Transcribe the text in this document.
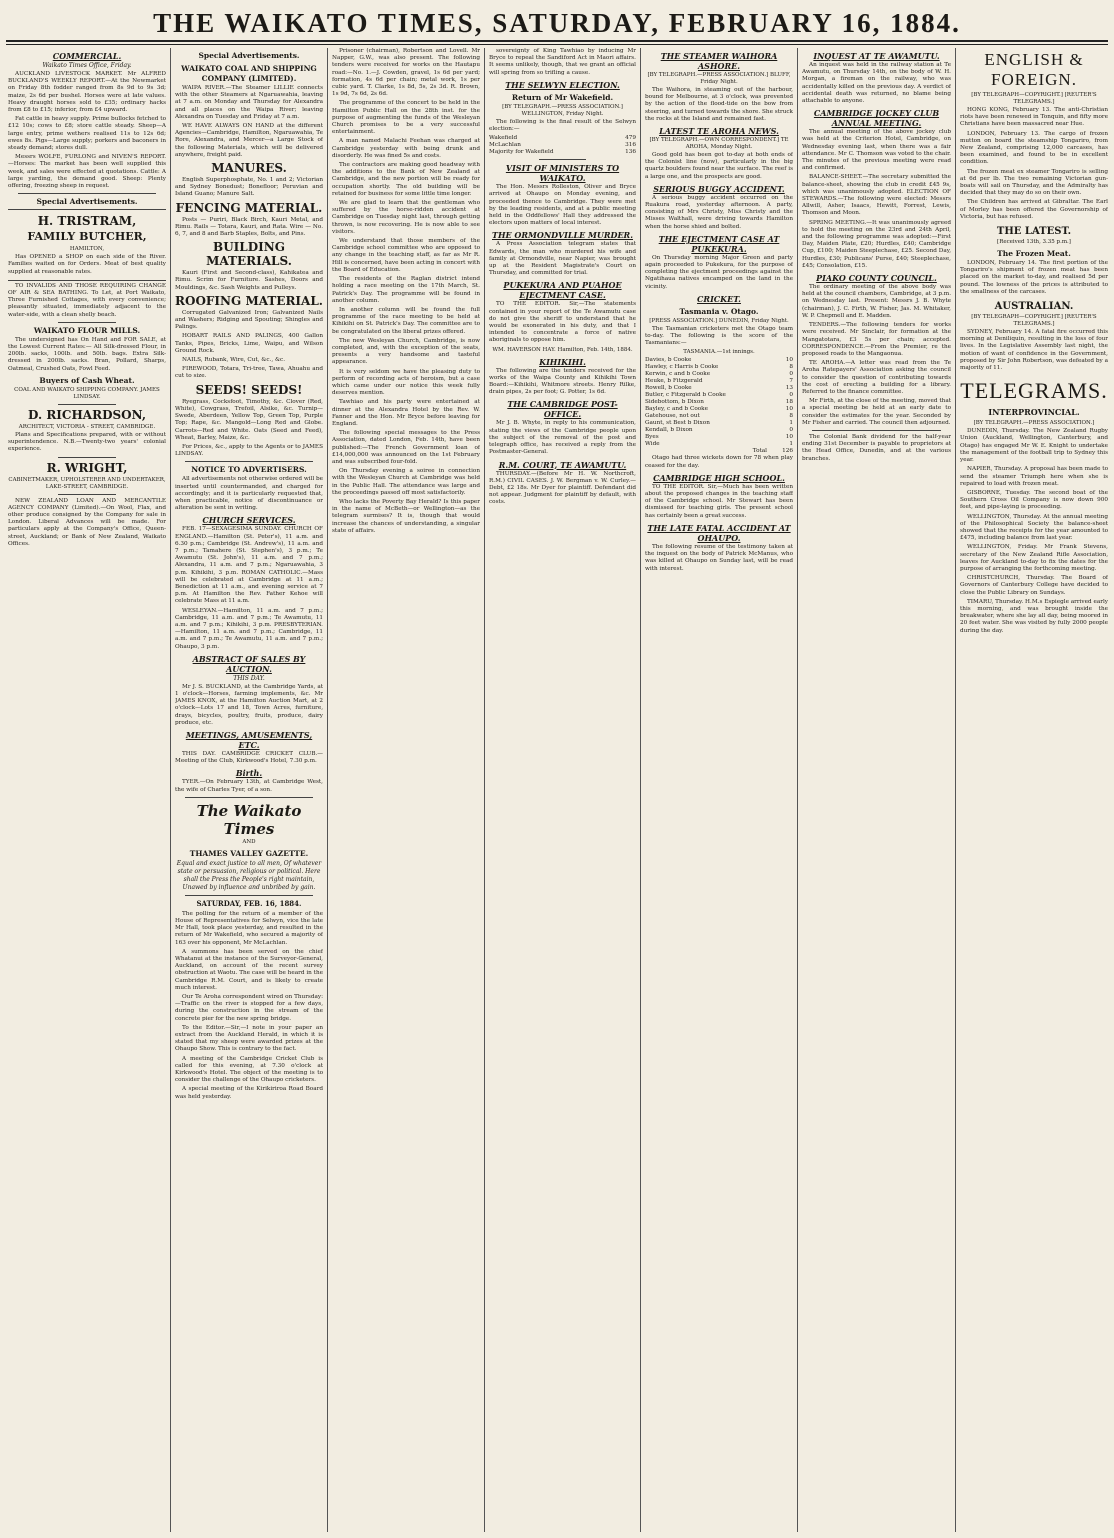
THE WAIKATO TIMES, SATURDAY, FEBRUARY 16, 1884.
COMMERCIAL.
Waikato Times Office, Friday.

AUCKLAND LIVESTOCK MARKET. Mr ALFRED BUCKLAND'S WEEKLY REPORT.—At the Newmarket on Friday 8th fodder ranged from 8s 9d to 9s 3d; maize, 2s 6d per bushel. Horses were at late values. Heavy draught horses sold to £35; ordinary hacks from £8 to £15; inferior, from £4 upward.

Fat cattle in heavy supply. Prime bullocks fetched to £12 10s; cows to £8; store cattle steady. Sheep—A large entry, prime wethers realised 11s to 12s 6d; ewes 8s. Pigs—Large supply; porkers and baconers in steady demand; stores dull.

Messrs WOLFE, FURLONG and NIVEN'S REPORT.—Horses: The market has been well supplied this week, and sales were effected at quotations. Cattle: A large yarding, the demand good. Sheep: Plenty offering, freezing sheep in request.

Special Advertisements.
H. TRISTRAM,
FAMILY BUTCHER,
HAMILTON,

Has OPENED a SHOP on each side of the River. Families waited on for Orders. Meat of best quality supplied at reasonable rates.

TO INVALIDS AND THOSE REQUIRING CHANGE OF AIR & SEA BATHING. To Let, at Port Waikato, Three Furnished Cottages, with every convenience; pleasantly situated, immediately adjacent to the water-side, with a clean shelly beach.

WAIKATO FLOUR MILLS.

The undersigned has On Hand and FOR SALE, at the Lowest Current Rates:— All Silk-dressed Flour, in 200lb. sacks, 100lb. and 50lb. bags. Extra Silk-dressed in 200lb. sacks. Bran, Pollard, Sharps, Oatmeal, Crushed Oats, Fowl Feed.

Buyers of Cash Wheat.
COAL AND WAIKATO SHIPPING COMPANY. JAMES LINDSAY.
D. RICHARDSON,
ARCHITECT, VICTORIA - STREET, CAMBRIDGE.

Plans and Specifications prepared, with or without superintendence. N.B.—Twenty-two years' colonial experience.

R. WRIGHT,
CABINETMAKER, UPHOLSTERER AND UNDERTAKER, LAKE-STREET, CAMBRIDGE.

NEW ZEALAND LOAN AND MERCANTILE AGENCY COMPANY (Limited).—On Wool, Flax, and other produce consigned by the Company for sale in London. Liberal Advances will be made. For particulars apply at the Company's Office, Queen-street, Auckland; or Bank of New Zealand, Waikato Offices.

Special Advertisements.
WAIKATO COAL AND SHIPPING COMPANY (LIMITED).

WAIPA RIVER.—The Steamer LILLIE connects with the other Steamers at Ngaruawahia, leaving at 7 a.m. on Monday and Thursday for Alexandra and all places on the Waipa River; leaving Alexandra on Tuesday and Friday at 7 a.m.

WE HAVE ALWAYS ON HAND at the different Agencies—Cambridge, Hamilton, Ngaruawahia, Te Rore, Alexandra, and Mercer—a Large Stock of the following Materials, which will be delivered anywhere, freight paid.

MANURES.

English Superphosphate, No. 1 and 2; Victorian and Sydney Bonedust; Bonefloor; Peruvian and Island Guano; Manure Salt.

FENCING MATERIAL.

Posts — Puriri, Black Birch, Kauri Metal, and Rimu. Rails — Totara, Kauri, and Rata. Wire — No. 6, 7, and 8 and Barb Staples, Bolts, and Pins.

BUILDING MATERIALS.

Kauri (First and Second-class), Kahikatea and Rimu. Scrim for Furniture. Sashes, Doors and Mouldings, &c. Sash Weights and Pulleys.

ROOFING MATERIAL.

Corrugated Galvanized Iron; Galvanized Nails and Washers; Ridging and Spouting; Shingles and Palings.

HOBART RAILS AND PALINGS, 400 Gallon Tanks, Pipes, Bricks, Lime, Waipu, and Wilson Ground Rock.

NAILS, Rubank, Wire, Cut, &c., &c.

FIREWOOD, Totara, Tri-tree, Tawa, Ahuahu and cut to size.

SEEDS! SEEDS!

Ryegrass, Cocksfoot, Timothy, &c. Clover (Red, White), Cowgrass, Trefoil, Alsike, &c. Turnip—Swede, Aberdeen, Yellow Top, Green Top, Purple Top; Rape, &c. Mangold—Long Red and Globe. Carrots—Red and White. Oats (Seed and Feed), Wheat, Barley, Maize, &c.

For Prices, &c., apply to the Agents or to JAMES LINDSAY.

NOTICE TO ADVERTISERS.

All advertisements not otherwise ordered will be inserted until countermanded, and charged for accordingly; and it is particularly requested that, when practicable, notice of discontinuance or alteration be sent in writing.

CHURCH SERVICES.

FEB. 17—SEXAGESIMA SUNDAY. CHURCH OF ENGLAND.—Hamilton (St. Peter's), 11 a.m. and 6.30 p.m.; Cambridge (St. Andrew's), 11 a.m. and 7 p.m.; Tamahere (St. Stephen's), 3 p.m.; Te Awamutu (St. John's), 11 a.m. and 7 p.m.; Alexandra, 11 a.m. and 7 p.m.; Ngaruawahia, 3 p.m. Kihikihi, 3 p.m. ROMAN CATHOLIC.—Mass will be celebrated at Cambridge at 11 a.m.; Benediction at 11 a.m., and evening service at 7 p.m. At Hamilton the Rev. Father Kehoe will celebrate Mass at 11 a.m.

WESLEYAN.—Hamilton, 11 a.m. and 7 p.m.; Cambridge, 11 a.m. and 7 p.m.; Te Awamutu, 11 a.m. and 7 p.m.; Kihikihi, 3 p.m. PRESBYTERIAN.—Hamilton, 11 a.m. and 7 p.m.; Cambridge, 11 a.m. and 7 p.m.; Te Awamutu, 11 a.m. and 7 p.m.; Ohaupo, 3 p.m.

ABSTRACT OF SALES BY AUCTION.
THIS DAY.

Mr J. S. BUCKLAND, at the Cambridge Yards, at 1 o'clock—Horses, farming implements, &c. Mr JAMES KNOX, at the Hamilton Auction Mart, at 2 o'clock—Lots 17 and 18, Town Acres, furniture, drays, bicycles, poultry, fruits, produce, dairy produce, etc.

MEETINGS, AMUSEMENTS, ETC.

THIS DAY. CAMBRIDGE CRICKET CLUB.—Meeting of the Club, Kirkwood's Hotel, 7.30 p.m.

Birth.

TYER.—On February 13th, at Cambridge West, the wife of Charles Tyer, of a son.

The Waikato Times
AND
THAMES VALLEY GAZETTE.
Equal and exact justice to all men, Of whatever state or persuasion, religious or political. Here shall the Press the People's right maintain, Unawed by influence and unbribed by gain.
SATURDAY, FEB. 16, 1884.

The polling for the return of a member of the House of Representatives for Selwyn, vice the late Mr Hall, took place yesterday, and resulted in the return of Mr Wakefield, who secured a majority of 163 over his opponent, Mr McLachlan.

A summons has been served on the chief Whatanui at the instance of the Surveyor-General, Auckland, on account of the recent survey obstruction at Waotu. The case will be heard in the Cambridge R.M. Court, and is likely to create much interest.

Our Te Aroha correspondent wired on Thursday:—Traffic on the river is stopped for a few days, during the construction in the stream of the concrete pier for the new spring bridge.

To the Editor.—Sir,—I note in your paper an extract from the Auckland Herald, in which it is stated that my sheep were awarded prizes at the Ohaupo Show. This is contrary to the fact.

A meeting of the Cambridge Cricket Club is called for this evening, at 7.30 o'clock at Kirkwood's Hotel. The object of the meeting is to consider the challenge of the Ohaupo cricketers.

A special meeting of the Kirikiriroa Road Board was held yesterday.

Prisoner (chairman), Robertson and Lovell. Mr Napper, G.W., was also present. The following tenders were received for works on the Hautapu road:—No. 1.—J. Cowden, gravel, 1s 6d per yard; formation, 4s 6d per chain; metal work, 1s per cubic yard. T. Clarke, 1s 8d, 5s, 2s 3d. R. Brown, 1s 9d, 7s 6d, 2s 6d.

The programme of the concert to be held in the Hamilton Public Hall on the 28th inst. for the purpose of augmenting the funds of the Wesleyan Church promises to be a very successful entertainment.

A man named Malachi Feehan was charged at Cambridge yesterday with being drunk and disorderly. He was fined 5s and costs.

The contractors are making good headway with the additions to the Bank of New Zealand at Cambridge, and the new portion will be ready for occupation shortly. The old building will be retained for business for some little time longer.

We are glad to learn that the gentleman who suffered by the horse-ridden accident at Cambridge on Tuesday night last, through getting thrown, is now recovering. He is now able to see visitors.

We understand that those members of the Cambridge school committee who are opposed to any change in the teaching staff, as far as Mr R. Hill is concerned, have been acting in concert with the Board of Education.

The residents of the Raglan district intend holding a race meeting on the 17th March, St. Patrick's Day. The programme will be found in another column.

In another column will be found the full programme of the race meeting to be held at Kihikihi on St. Patrick's Day. The committee are to be congratulated on the liberal prizes offered.

The new Wesleyan Church, Cambridge, is now completed, and, with the exception of the seats, presents a very handsome and tasteful appearance.

It is very seldom we have the pleasing duty to perform of recording acts of heroism, but a case which came under our notice this week fully deserves mention.

Tawhiao and his party were entertained at dinner at the Alexandra Hotel by the Rev. W. Fanner and the Hon. Mr Bryce before leaving for England.

The following special messages to the Press Association, dated London, Feb. 14th, have been published:—The French Government loan of £14,000,000 was announced on the 1st February and was subscribed four-fold.

On Thursday evening a soiree in connection with the Wesleyan Church at Cambridge was held in the Public Hall. The attendance was large and the proceedings passed off most satisfactorily.

Who lacks the Poverty Bay Herald? Is this paper in the name of McBeth—or Wellington—as the telegram surmises? It is, though that would increase the chances of understanding, a singular state of affairs.

sovereignty of King Tawhiao by inducing Mr Bryce to repeal the Sandiford Act in Maori affairs. It seems unlikely, though, that we grant an official will spring from so trifling a cause.

THE SELWYN ELECTION.
Return of Mr Wakefield.
[BY TELEGRAPH.—PRESS ASSOCIATION.] WELLINGTON, Friday Night.

The following is the final result of the Selwyn election:—

Wakefield	479
McLachlan	316
Majority for Wakefield	136
VISIT OF MINISTERS TO WAIKATO.

The Hon. Messrs Rolleston, Oliver and Bryce arrived at Ohaupo on Monday evening, and proceeded thence to Cambridge. They were met by the leading residents, and at a public meeting held in the Oddfellows' Hall they addressed the electors upon matters of local interest.

THE ORMONDVILLE MURDER.

A Press Association telegram states that Edwards, the man who murdered his wife and family at Ormondville, near Napier, was brought up at the Resident Magistrate's Court on Thursday, and committed for trial.

PUKEKURA AND PUAHOE EJECTMENT CASE.

TO THE EDITOR. Sir,—The statements contained in your report of the Te Awamutu case do not give the sheriff to understand that he would be exonerated in his duty, and that I intended to concentrate a force of native aboriginals to oppose him.

WM. HAVERSON HAY. Hamilton, Feb. 14th, 1884.
KIHIKIHI.

The following are the tenders received for the works of the Waipa County and Kihikihi Town Board:—Kihikihi, Whitmore streets. Henry Rilke, drain pipes, 2s per foot; G. Potter, 1s 6d.

THE CAMBRIDGE POST-OFFICE.

Mr J. B. Whyte, in reply to his communication, stating the views of the Cambridge people upon the subject of the removal of the post and telegraph office, has received a reply from the Postmaster-General.

R.M. COURT, TE AWAMUTU.

THURSDAY.—(Before Mr H. W. Northcroft, R.M.) CIVIL CASES. J. W. Bergman v. W. Curley.—Debt, £2 18s. Mr Dyer for plaintiff. Defendant did not appear. Judgment for plaintiff by default, with costs.

THE STEAMER WAIHORA ASHORE.
[BY TELEGRAPH.—PRESS ASSOCIATION.] BLUFF, Friday Night.

The Waihora, in steaming out of the harbour, bound for Melbourne, at 3 o'clock, was prevented by the action of the flood-tide on the bow from steering, and turned towards the shore. She struck the rocks at the Island and remained fast.

LATEST TE AROHA NEWS.
[BY TELEGRAPH.—OWN CORRESPONDENT.] TE AROHA, Monday Night.

Good gold has been got to-day at both ends of the Colonist line (now), particularly in the big quartz boulders found near the surface. The reef is a large one, and the prospects are good.

SERIOUS BUGGY ACCIDENT.

A serious buggy accident occurred on the Ruakura road, yesterday afternoon. A party, consisting of Mrs Christy, Miss Christy and the Misses Walthall, were driving towards Hamilton when the horse shied and bolted.

THE EJECTMENT CASE AT PUKEKURA.

On Thursday morning Major Green and party again proceeded to Pukekura, for the purpose of completing the ejectment proceedings against the Ngatihaua natives encamped on the land in the vicinity.

CRICKET.
Tasmania v. Otago.
[PRESS ASSOCIATION.] DUNEDIN, Friday Night.

The Tasmanian cricketers met the Otago team to-day. The following is the score of the Tasmanians:—

TASMANIA.—1st innings.
Davies, b Cooke	10
Hawley, c Harris b Cooke	8
Kerwin, c and b Cooke	0
Heuke, b Fitzgerald	7
Rowell, b Cooke	13
Butler, c Fitzgerald b Cooke	0
Sidebottom, b Dixon	18
Bayley, c and b Cooke	10
Gatehouse, not out	8
Gaunt, st Best b Dixon	1
Kendall, b Dixon	0
Byes	10
Wide	1
Total	126

Otago had three wickets down for 78 when play ceased for the day.

CAMBRIDGE HIGH SCHOOL.

TO THE EDITOR. Sir,—Much has been written about the proposed changes in the teaching staff of the Cambridge school. Mr Stewart has been dismissed for teaching girls. The present school has certainly been a great success.

THE LATE FATAL ACCIDENT AT OHAUPO.

The following resume of the testimony taken at the inquest on the body of Patrick McManus, who was killed at Ohaupo on Sunday last, will be read with interest.

INQUEST AT TE AWAMUTU.

An inquest was held in the railway station at Te Awamutu, on Thursday 14th, on the body of W. H. Morgan, a fireman on the railway, who was accidentally killed on the previous day. A verdict of accidental death was returned, no blame being attachable to anyone.

CAMBRIDGE JOCKEY CLUB ANNUAL MEETING.

The annual meeting of the above jockey club was held at the Criterion Hotel, Cambridge, on Wednesday evening last, when there was a fair attendance. Mr C. Thomson was voted to the chair. The minutes of the previous meeting were read and confirmed.

BALANCE-SHEET.—The secretary submitted the balance-sheet, showing the club in credit £45 9s, which was unanimously adopted. ELECTION OF STEWARDS.—The following were elected: Messrs Allwill, Asher, Isaacs, Hewitt, Forrest, Lewis, Thomson and Moon.

SPRING MEETING.—It was unanimously agreed to hold the meeting on the 23rd and 24th April, and the following programme was adopted:—First Day, Maiden Plate, £20; Hurdles, £40; Cambridge Cup, £100; Maiden Steeplechase, £25. Second Day, Hurdles, £30; Publicans' Purse, £40; Steeplechase, £45; Consolation, £15.

PIAKO COUNTY COUNCIL.

The ordinary meeting of the above body was held at the council chambers, Cambridge, at 3 p.m. on Wednesday last. Present: Messrs J. B. Whyte (chairman), J. C. Firth, W. Fisher, Jas. M. Whitaker, W. P. Chepmell and E. Madden.

TENDERS.—The following tenders for works were received. Mr Sinclair, for formation at the Mangatotara, £3 5s per chain; accepted. CORRESPONDENCE.—From the Premier, re the proposed roads to the Mangaonua.

TE AROHA.—A letter was read from the Te Aroha Ratepayers' Association asking the council to consider the question of contributing towards the cost of erecting a building for a library. Referred to the finance committee.

Mr Firth, at the close of the meeting, moved that a special meeting be held at an early date to consider the estimates for the year. Seconded by Mr Fisher and carried. The council then adjourned.

The Colonial Bank dividend for the half-year ending 31st December is payable to proprietors at the Head Office, Dunedin, and at the various branches.

ENGLISH & FOREIGN.
[BY TELEGRAPH—COPYRIGHT.] [REUTER'S TELEGRAMS.]

HONG KONG, February 13. The anti-Christian riots have been renewed in Tonquin, and fifty more Christians have been massacred near Hue.

LONDON, February 13. The cargo of frozen mutton on board the steamship Tongariro, from New Zealand, comprising 12,000 carcases, has been examined, and found to be in excellent condition.

The frozen meat ex steamer Tongariro is selling at 6d per lb. The two remaining Victorian gun-boats will sail on Thursday, and the Admiralty has decided that they may do so on their own.

The Children has arrived at Gibraltar. The Earl of Morley has been offered the Governorship of Victoria, but has refused.

THE LATEST.
[Received 13th, 3.35 p.m.]
The Frozen Meat.

LONDON, February 14. The first portion of the Tongariro's shipment of frozen meat has been placed on the market to-day, and realised 5d per pound. The lowness of the prices is attributed to the smallness of the carcases.

AUSTRALIAN.
[BY TELEGRAPH—COPYRIGHT.] [REUTER'S TELEGRAMS.]

SYDNEY, February 14. A fatal fire occurred this morning at Deniliquin, resulting in the loss of four lives. In the Legislative Assembly last night, the motion of want of confidence in the Government, proposed by Sir John Robertson, was defeated by a majority of 11.

TELEGRAMS.
INTERPROVINCIAL.
[BY TELEGRAPH.—PRESS ASSOCIATION.]

DUNEDIN, Thursday. The New Zealand Rugby Union (Auckland, Wellington, Canterbury, and Otago) has engaged Mr W. E. Knight to undertake the management of the football trip to Sydney this year.

NAPIER, Thursday. A proposal has been made to send the steamer Triumph here when she is repaired to load with frozen meat.

GISBORNE, Tuesday. The second boat of the Southern Cross Oil Company is now down 900 feet, and pipe-laying is proceeding.

WELLINGTON, Thursday. At the annual meeting of the Philosophical Society the balance-sheet showed that the receipts for the year amounted to £475, including balance from last year.

WELLINGTON, Friday. Mr Frank Stevens, secretary of the New Zealand Rifle Association, leaves for Auckland to-day to fix the dates for the purpose of arranging the forthcoming meeting.

CHRISTCHURCH, Thursday. The Board of Governors of Canterbury College have decided to close the Public Library on Sundays.

TIMARU, Thursday. H.M.s Espiegle arrived early this morning, and was brought inside the breakwater, where she lay all day, being moored in 20 feet water. She was visited by fully 2000 people during the day.
